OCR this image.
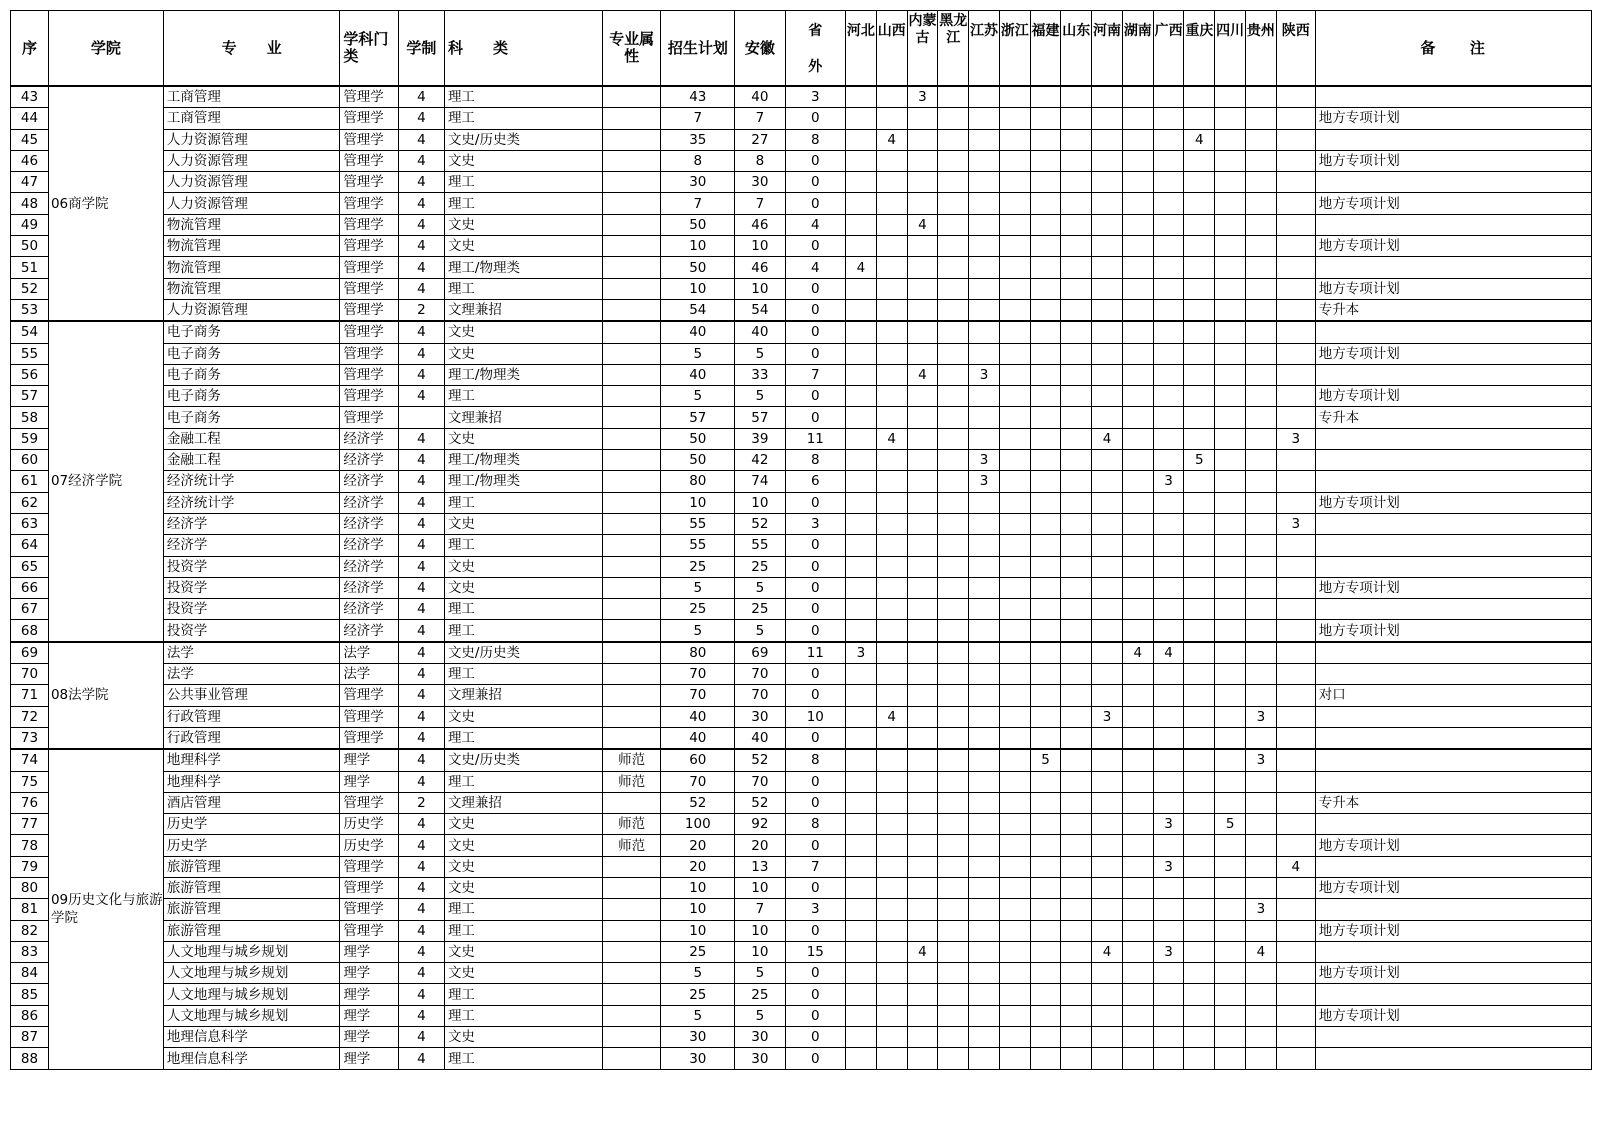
序	学院	专　　业	学科门类	学制	科　　类	专业属性	招生计划	安徽	省外	河北	山西	内蒙古	黑龙江	江苏	浙江	福建	山东	河南	湖南	广西	重庆	四川	贵州	陕西	备　　注
43	06商学院	工商管理	管理学	4	理工		43	40	3			3													
44		工商管理	管理学	4	理工		7	7	0																地方专项计划
45		人力资源管理	管理学	4	文史/历史类		35	27	8		4										4				
46		人力资源管理	管理学	4	文史		8	8	0																地方专项计划
47		人力资源管理	管理学	4	理工		30	30	0																
48		人力资源管理	管理学	4	理工		7	7	0																地方专项计划
49		物流管理	管理学	4	文史		50	46	4			4													
50		物流管理	管理学	4	文史		10	10	0																地方专项计划
51		物流管理	管理学	4	理工/物理类		50	46	4	4															
52		物流管理	管理学	4	理工		10	10	0																地方专项计划
53		人力资源管理	管理学	2	文理兼招		54	54	0																专升本
54	07经济学院	电子商务	管理学	4	文史		40	40	0																
55		电子商务	管理学	4	文史		5	5	0																地方专项计划
56		电子商务	管理学	4	理工/物理类		40	33	7			4		3											
57		电子商务	管理学	4	理工		5	5	0																地方专项计划
58		电子商务	管理学		文理兼招		57	57	0																专升本
59		金融工程	经济学	4	文史		50	39	11		4							4						3	
60		金融工程	经济学	4	理工/物理类		50	42	8					3							5				
61		经济统计学	经济学	4	理工/物理类		80	74	6					3						3					
62		经济统计学	经济学	4	理工		10	10	0																地方专项计划
63		经济学	经济学	4	文史		55	52	3															3	
64		经济学	经济学	4	理工		55	55	0																
65		投资学	经济学	4	文史		25	25	0																
66		投资学	经济学	4	文史		5	5	0																地方专项计划
67		投资学	经济学	4	理工		25	25	0																
68		投资学	经济学	4	理工		5	5	0																地方专项计划
69	08法学院	法学	法学	4	文史/历史类		80	69	11	3									4	4					
70		法学	法学	4	理工		70	70	0																
71		公共事业管理	管理学	4	文理兼招		70	70	0																对口
72		行政管理	管理学	4	文史		40	30	10		4							3					3		
73		行政管理	管理学	4	理工		40	40	0																
74	09历史文化与旅游学院	地理科学	理学	4	文史/历史类	师范	60	52	8							5							3		
75		地理科学	理学	4	理工	师范	70	70	0																
76		酒店管理	管理学	2	文理兼招		52	52	0																专升本
77		历史学	历史学	4	文史	师范	100	92	8											3		5			
78		历史学	历史学	4	文史	师范	20	20	0																地方专项计划
79		旅游管理	管理学	4	文史		20	13	7											3				4	
80		旅游管理	管理学	4	文史		10	10	0																地方专项计划
81		旅游管理	管理学	4	理工		10	7	3														3		
82		旅游管理	管理学	4	理工		10	10	0																地方专项计划
83		人文地理与城乡规划	理学	4	文史		25	10	15			4						4		3			4		
84		人文地理与城乡规划	理学	4	文史		5	5	0																地方专项计划
85		人文地理与城乡规划	理学	4	理工		25	25	0																
86		人文地理与城乡规划	理学	4	理工		5	5	0																地方专项计划
87		地理信息科学	理学	4	文史		30	30	0																
88		地理信息科学	理学	4	理工		30	30	0																
